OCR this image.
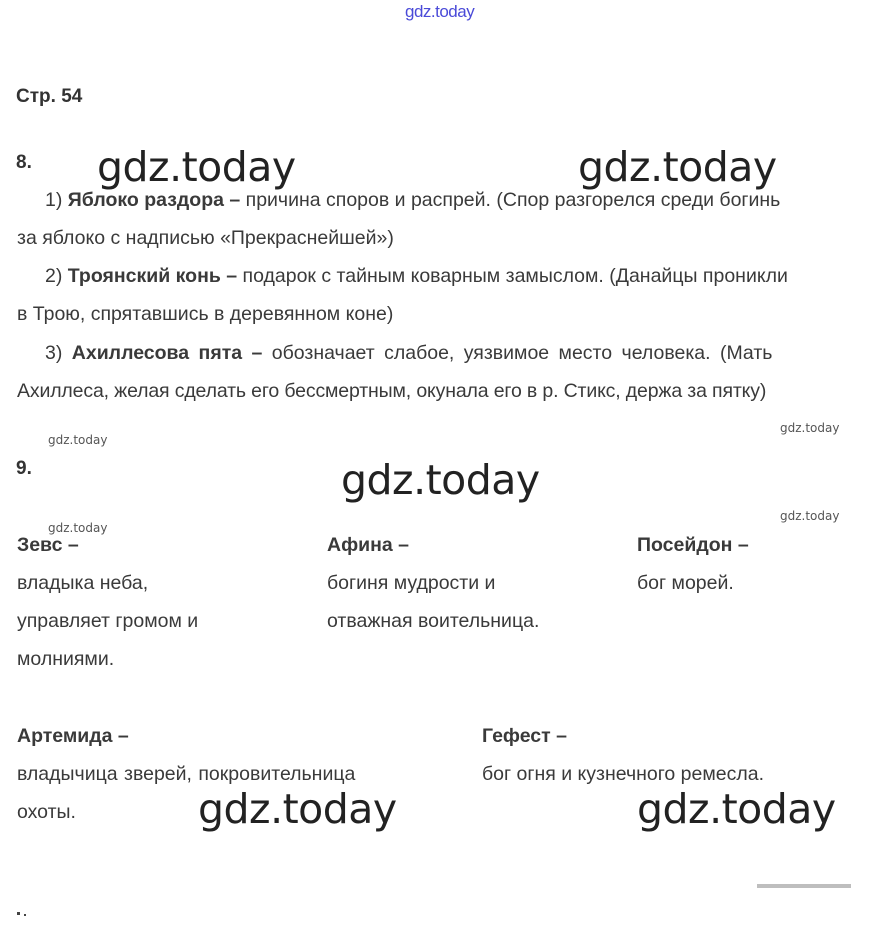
gdz.today
Стр. 54
8. gdz.today	gdz.today
1) Яблоко раздора – причина споров и распрей. (Спор разгорелся среди богинь
за яблоко с надписью «Прекраснейшей»)
2) Троянский конь – подарок с тайным коварным замыслом. (Данайцы проникли
в Трою, спрятавшись в деревянном коне)
3) Ахиллесова пята – обозначает слабое, уязвимое место человека. (Мать
Ахиллеса, желая сделать его бессмертным, окунала его в р. Стикс, держа за пятку)
gdz.today
gdz.today
9.	gdz.today
gdz.today
gdz.today
Зевс –
владыка неба,
управляет громом и
молниями.
Афина –
богиня мудрости и
отважная воительница.
Посейдон –
бог морей.
Артемида –
владычица зверей, покровительница
охоты.
Гефест –
бог огня и кузнечного ремесла.
gdz.today	gdz.today
